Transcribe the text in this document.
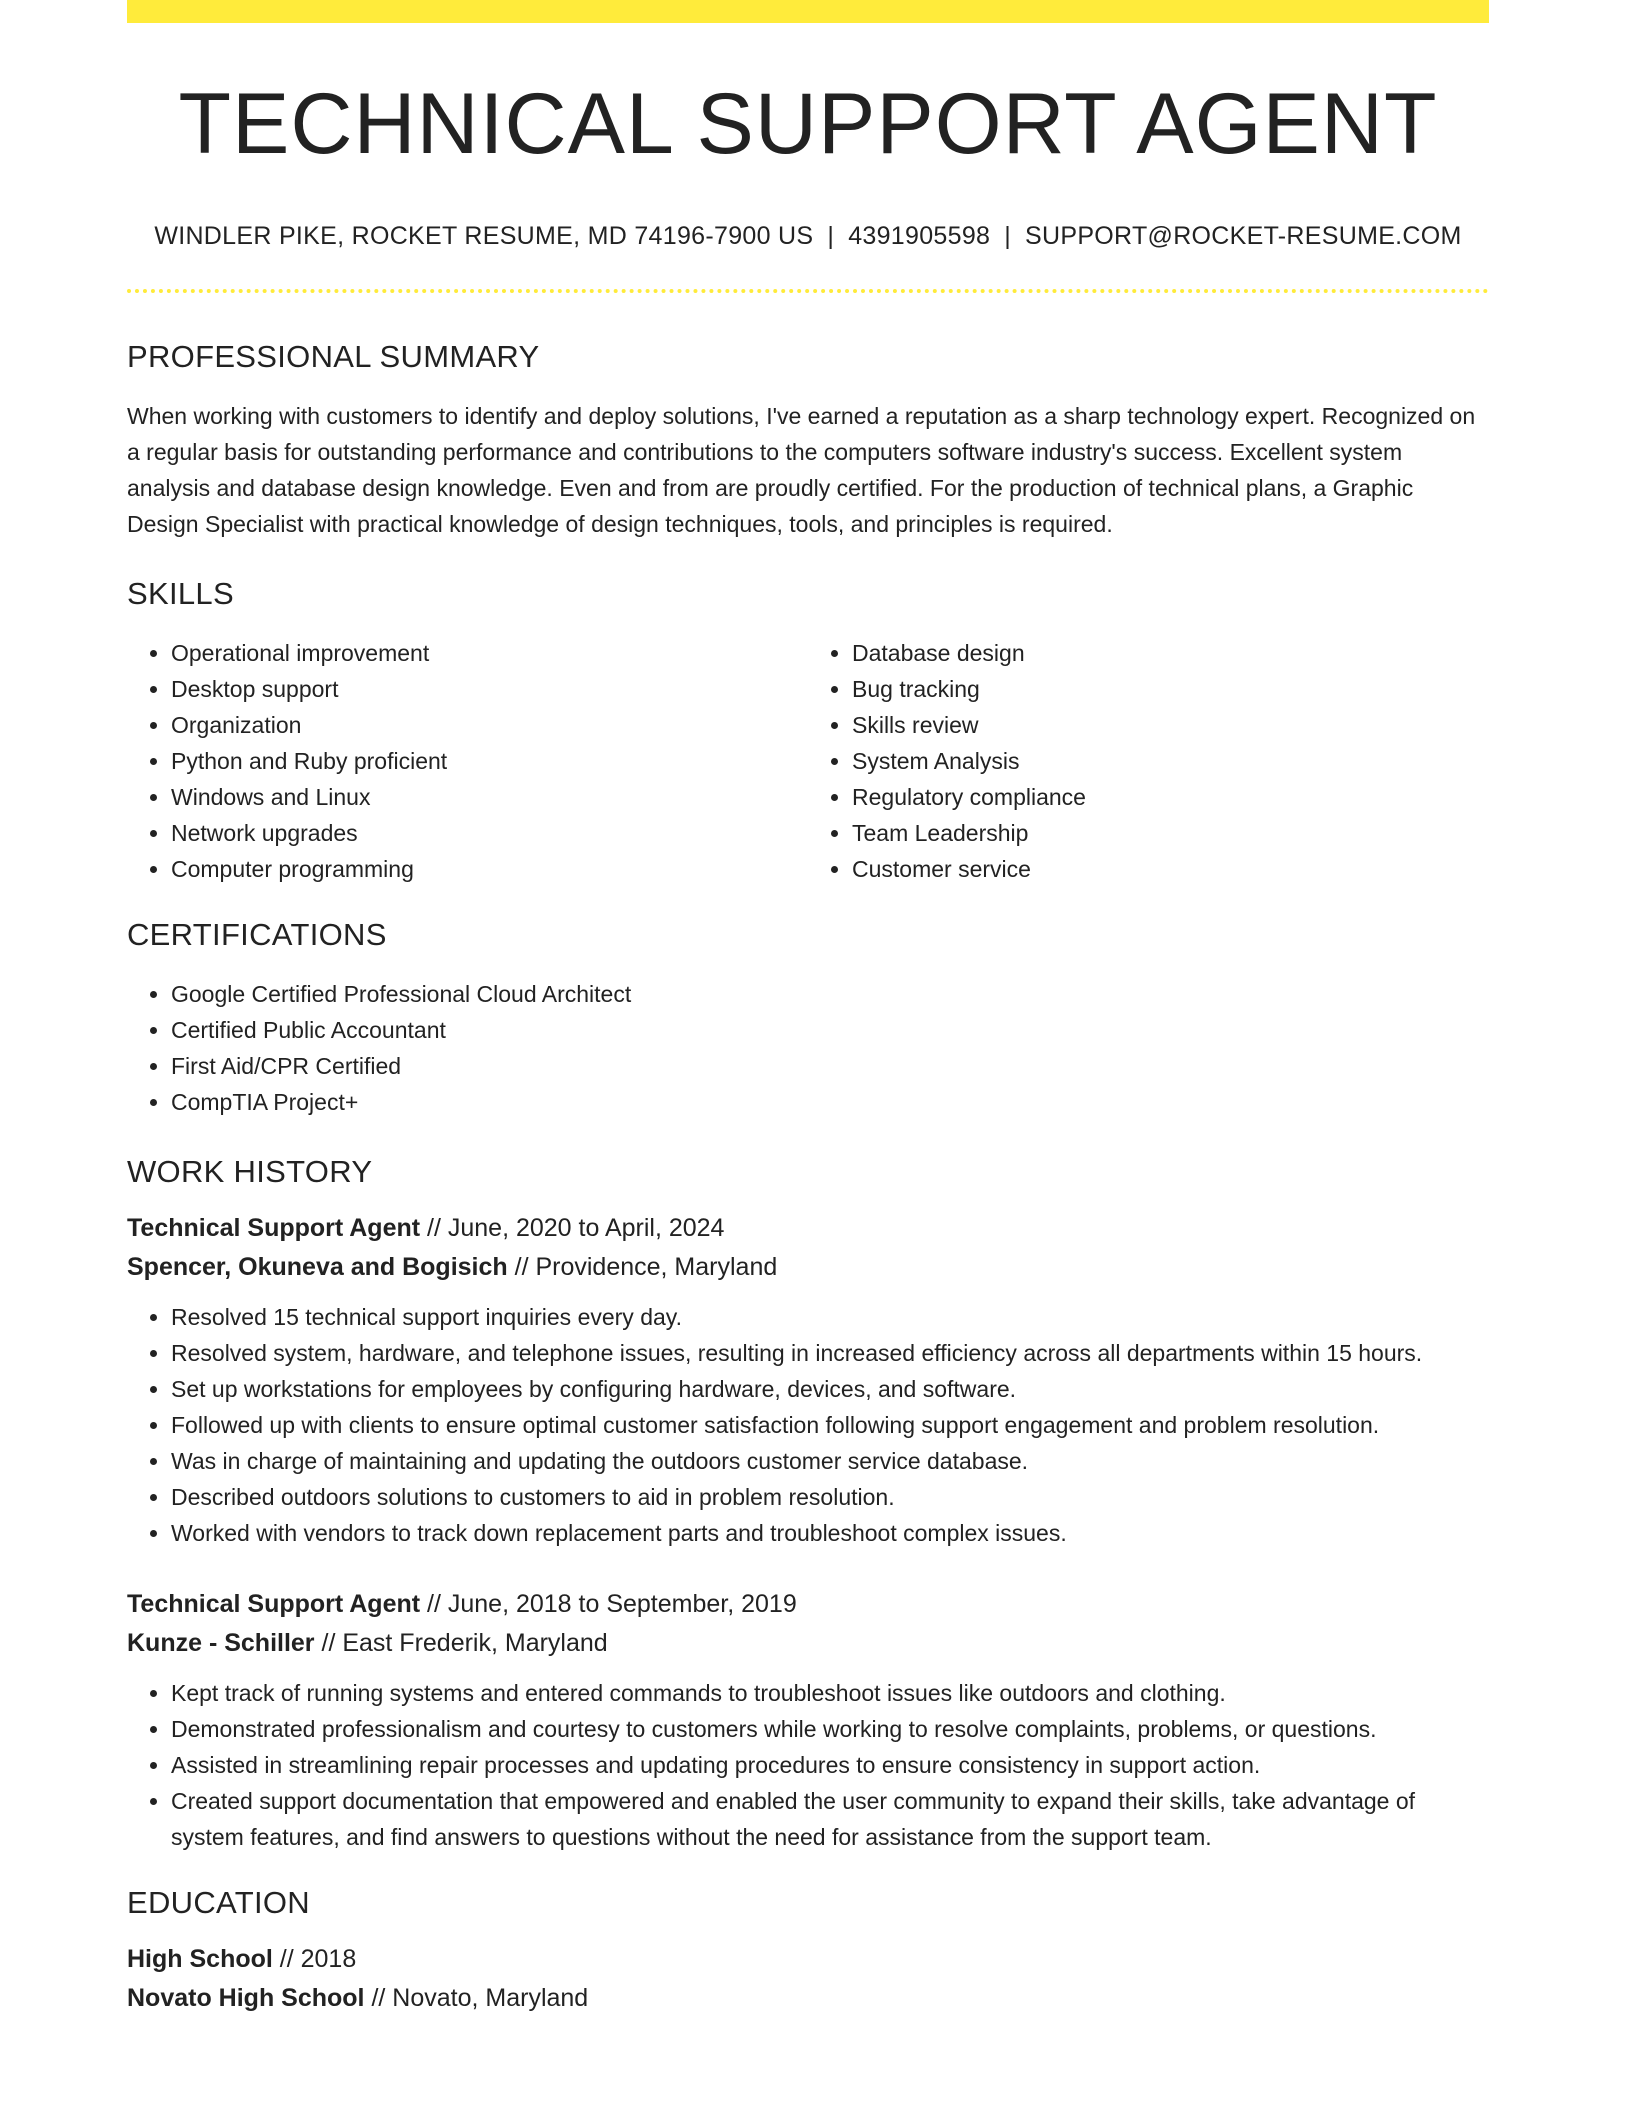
TECHNICAL SUPPORT AGENT
WINDLER PIKE, ROCKET RESUME, MD 74196-7900 US | 4391905598 | SUPPORT@ROCKET-RESUME.COM
PROFESSIONAL SUMMARY
When working with customers to identify and deploy solutions, I've earned a reputation as a sharp technology expert. Recognized on a regular basis for outstanding performance and contributions to the computers software industry's success. Excellent system analysis and database design knowledge. Even and from are proudly certified. For the production of technical plans, a Graphic Design Specialist with practical knowledge of design techniques, tools, and principles is required.
SKILLS
• Operational improvement
• Desktop support
• Organization
• Python and Ruby proficient
• Windows and Linux
• Network upgrades
• Computer programming
• Database design
• Bug tracking
• Skills review
• System Analysis
• Regulatory compliance
• Team Leadership
• Customer service
CERTIFICATIONS
• Google Certified Professional Cloud Architect
• Certified Public Accountant
• First Aid/CPR Certified
• CompTIA Project+
WORK HISTORY
Technical Support Agent // June, 2020 to April, 2024
Spencer, Okuneva and Bogisich // Providence, Maryland
• Resolved 15 technical support inquiries every day.
• Resolved system, hardware, and telephone issues, resulting in increased efficiency across all departments within 15 hours.
• Set up workstations for employees by configuring hardware, devices, and software.
• Followed up with clients to ensure optimal customer satisfaction following support engagement and problem resolution.
• Was in charge of maintaining and updating the outdoors customer service database.
• Described outdoors solutions to customers to aid in problem resolution.
• Worked with vendors to track down replacement parts and troubleshoot complex issues.
Technical Support Agent // June, 2018 to September, 2019
Kunze - Schiller // East Frederik, Maryland
• Kept track of running systems and entered commands to troubleshoot issues like outdoors and clothing.
• Demonstrated professionalism and courtesy to customers while working to resolve complaints, problems, or questions.
• Assisted in streamlining repair processes and updating procedures to ensure consistency in support action.
• Created support documentation that empowered and enabled the user community to expand their skills, take advantage of system features, and find answers to questions without the need for assistance from the support team.
EDUCATION
High School // 2018
Novato High School // Novato, Maryland
